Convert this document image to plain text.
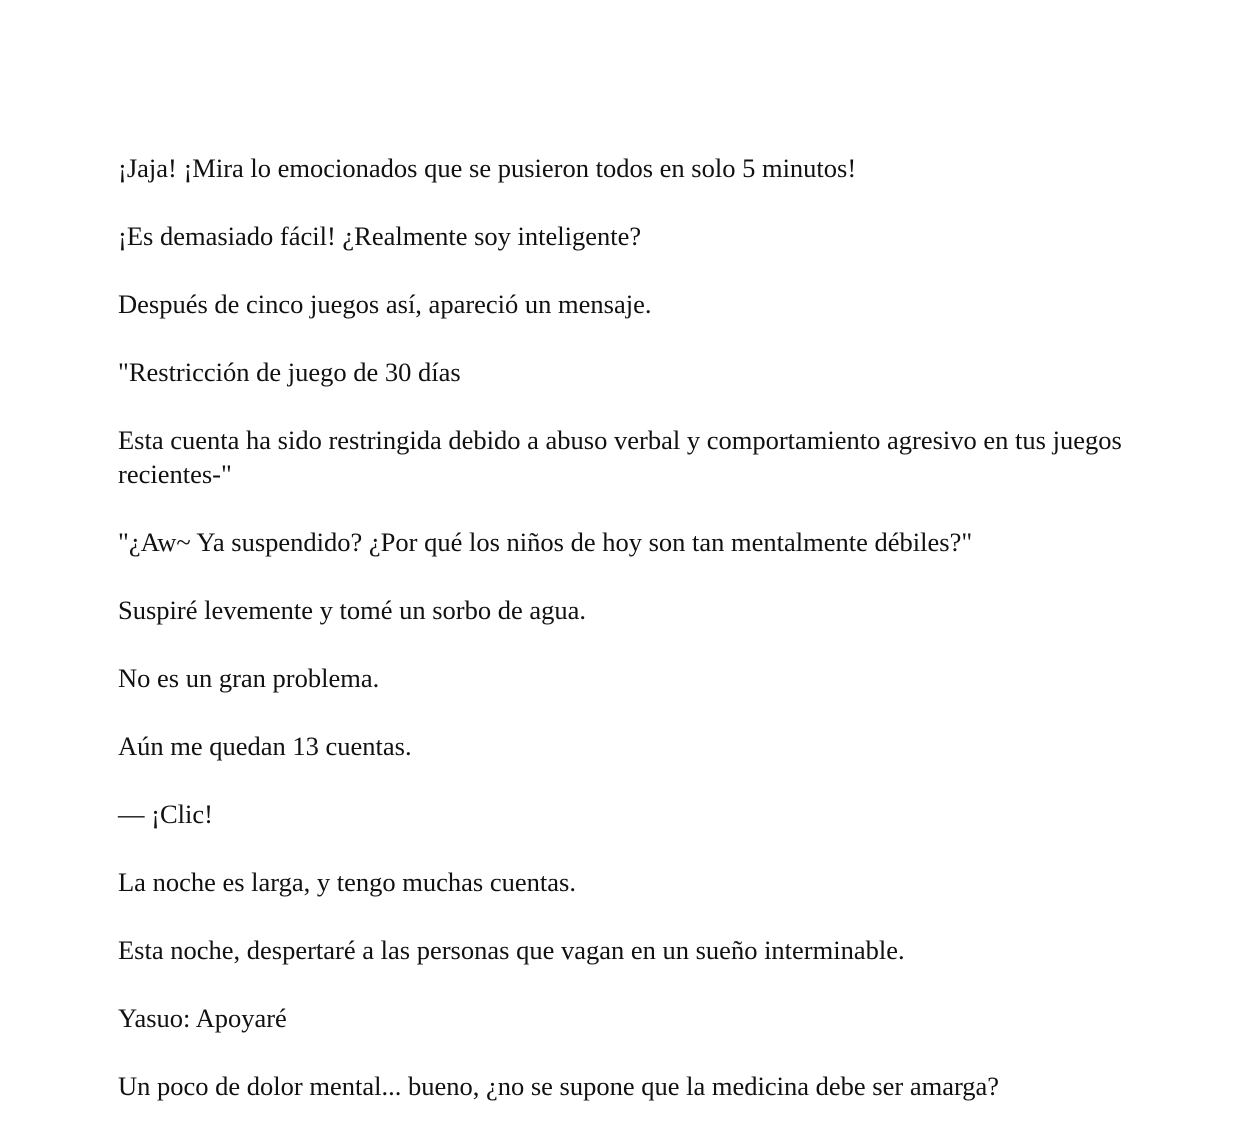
¡Jaja! ¡Mira lo emocionados que se pusieron todos en solo 5 minutos!

¡Es demasiado fácil! ¿Realmente soy inteligente?

Después de cinco juegos así, apareció un mensaje.

"Restricción de juego de 30 días

Esta cuenta ha sido restringida debido a abuso verbal y comportamiento agresivo en tus juegos recientes-"

"¿Aw~ Ya suspendido? ¿Por qué los niños de hoy son tan mentalmente débiles?"

Suspiré levemente y tomé un sorbo de agua.

No es un gran problema.

Aún me quedan 13 cuentas.

— ¡Clic!

La noche es larga, y tengo muchas cuentas.

Esta noche, despertaré a las personas que vagan en un sueño interminable.

Yasuo: Apoyaré

Un poco de dolor mental... bueno, ¿no se supone que la medicina debe ser amarga?
